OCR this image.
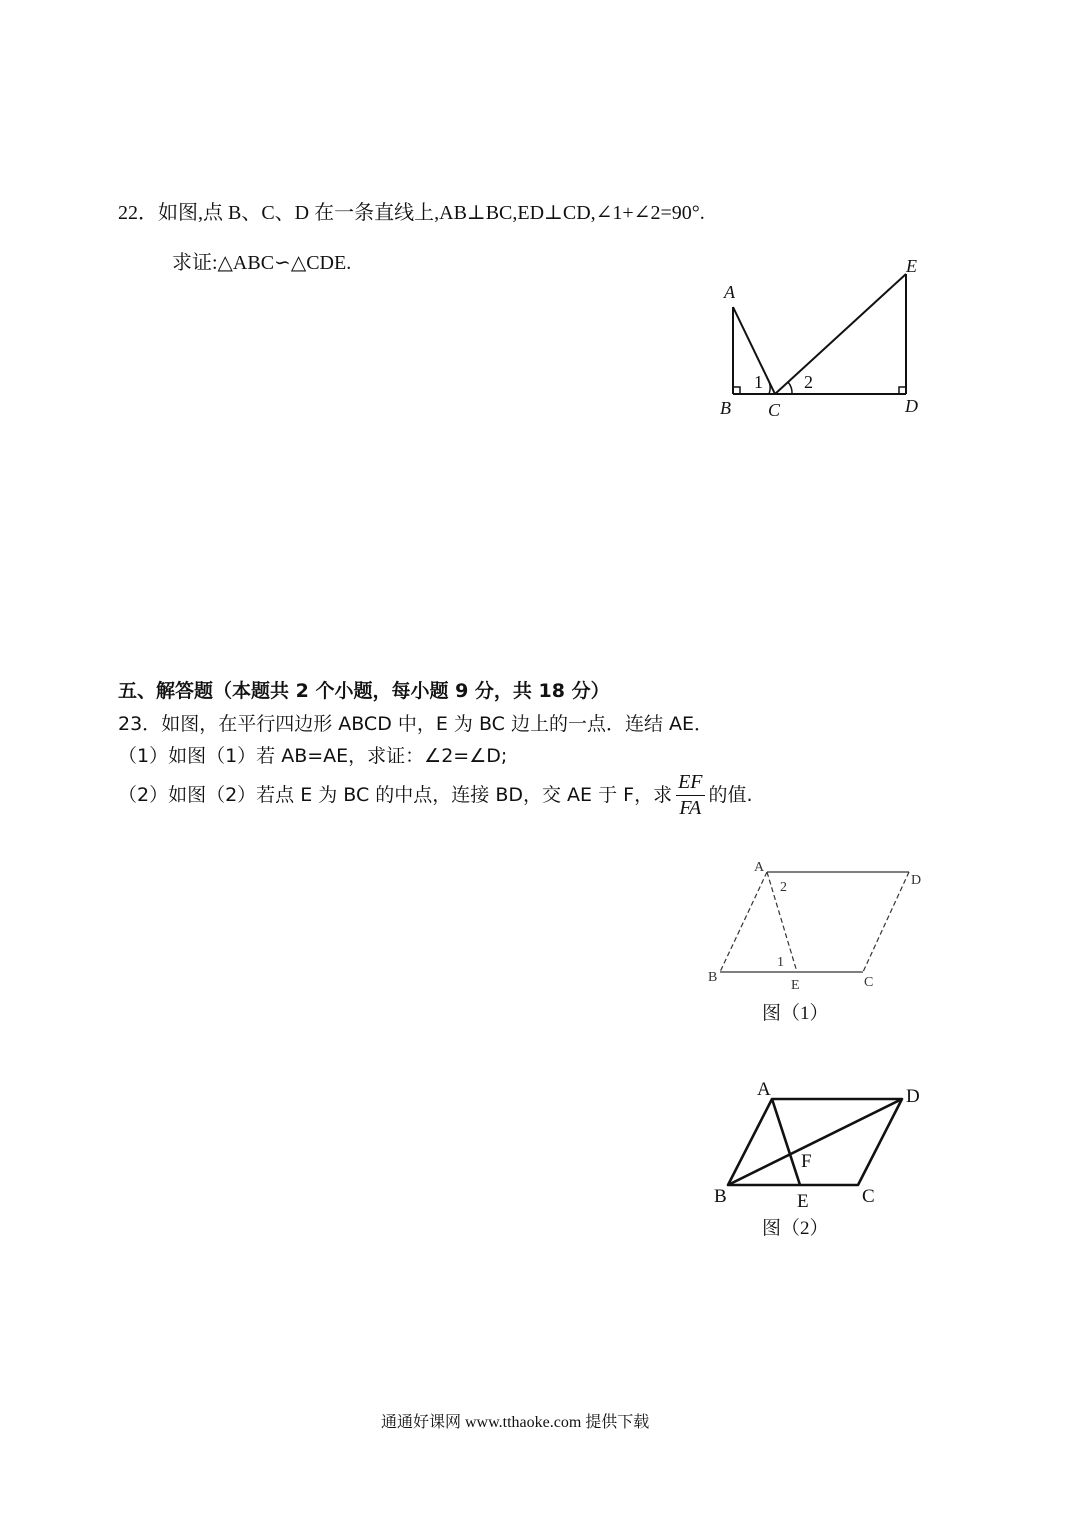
22．如图,点 B、C、D 在一条直线上,AB⊥BC,ED⊥CD,∠1+∠2=90°.
求证:△ABC∽△CDE.
A
B C	D
E
1 2
五、解答题（本题共 2 个小题，每小题 9 分，共 18 分）
23．如图，在平行四边形 ABCD 中，E 为 BC 边上的一点．连结 AE．
（1）如图（1）若 AB=AE，求证：∠2=∠D;
（2）如图（2）若点 E 为 BC 的中点，连接 BD，交 AE 于 F，求 $\frac{EF}{FA}$ 的值.
A
B	C
D
E
2
1
图（1）
A	D
B	C
E
F
图（2）
通通好课网 www.tthaoke.com 提供下载
